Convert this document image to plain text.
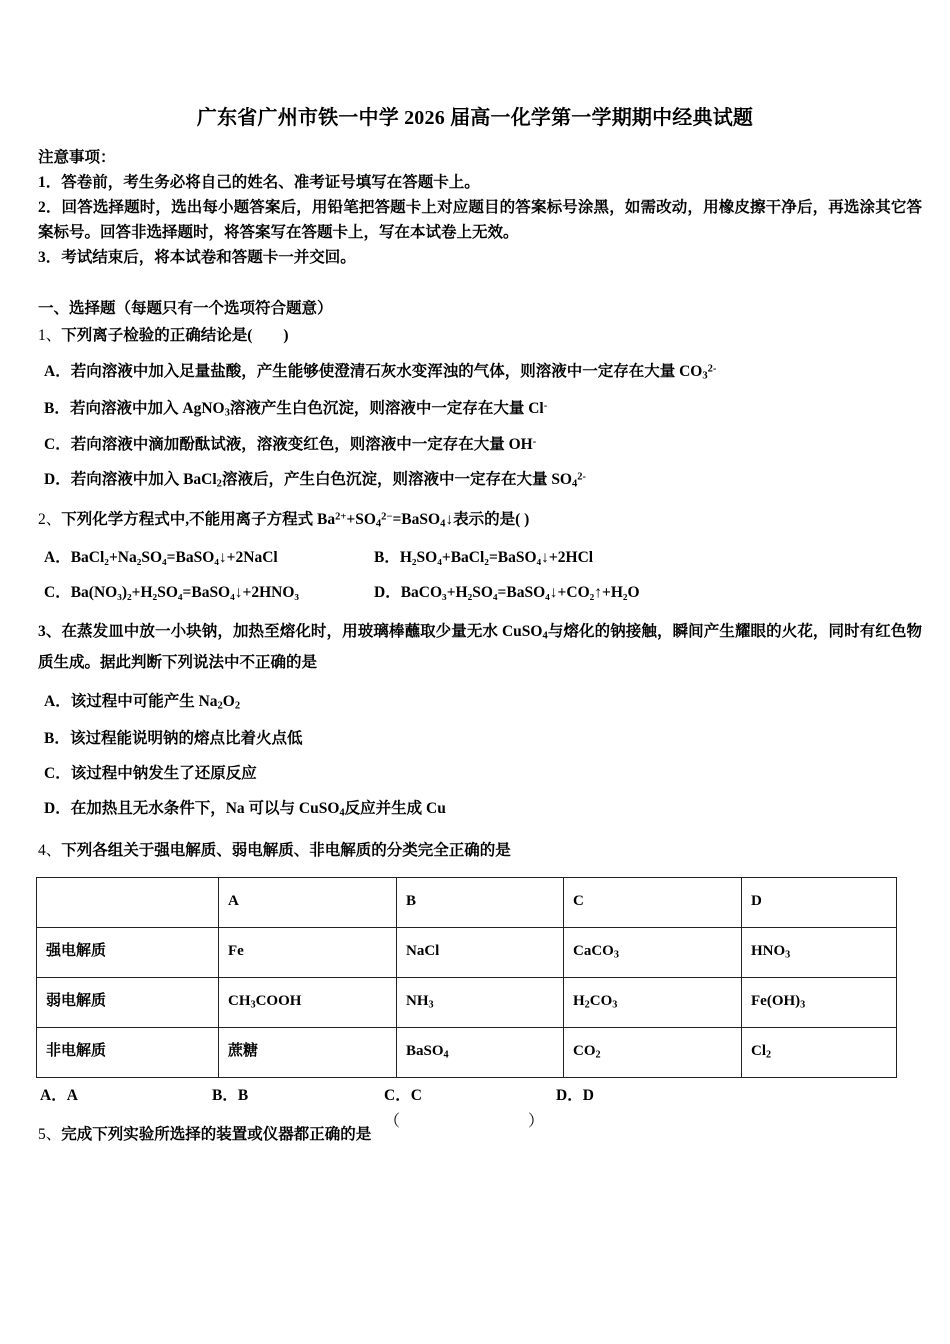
广东省广州市铁一中学 2026 届高一化学第一学期期中经典试题

注意事项：

1．答卷前，考生务必将自己的姓名、准考证号填写在答题卡上。

2．回答选择题时，选出每小题答案后，用铅笔把答题卡上对应题目的答案标号涂黑，如需改动，用橡皮擦干净后，再选涂其它答案标号。回答非选择题时，将答案写在答题卡上，写在本试卷上无效。

3．考试结束后，将本试卷和答题卡一并交回。

一、选择题（每题只有一个选项符合题意）

1、下列离子检验的正确结论是(　　)

A．若向溶液中加入足量盐酸，产生能够使澄清石灰水变浑浊的气体，则溶液中一定存在大量 $CO_3^{2-}$

B．若向溶液中加入 AgNO$_3$溶液产生白色沉淀，则溶液中一定存在大量 Cl-

C．若向溶液中滴加酚酞试液，溶液变红色，则溶液中一定存在大量 OH-

D．若向溶液中加入 BaCl$_2$溶液后，产生白色沉淀，则溶液中一定存在大量 $SO_4^{2-}$

2、下列化学方程式中,不能用离子方程式 $Ba^{2+}+SO_4^{2-}=BaSO_4↓$表示的是( )

A．BaCl₂+Na₂SO₄=BaSO₄↓+2NaCl	B．H₂SO₄+BaCl₂=BaSO₄↓+2HCl
C．Ba(NO₃)₂+H₂SO₄=BaSO₄↓+2HNO₃	D．BaCO₃+H₂SO₄=BaSO₄↓+CO₂↑+H₂O

3、在蒸发皿中放一小块钠，加热至熔化时，用玻璃棒蘸取少量无水 CuSO$_4$与熔化的钠接触，瞬间产生耀眼的火花，同时有红色物质生成。据此判断下列说法中不正确的是

A．该过程中可能产生 $Na_2O_2$

B．该过程能说明钠的熔点比着火点低

C．该过程中钠发生了还原反应

D．在加热且无水条件下，Na 可以与 CuSO$_4$反应并生成 Cu

4、下列各组关于强电解质、弱电解质、非电解质的分类完全正确的是

	A	B	C	D
强电解质	Fe	NaCl	CaCO$_3$	$HNO_3$
弱电解质	$CH_3COOH$	$NH_3$	$H_2CO_3$	$Fe(OH)_3$
非电解质	蔗糖	BaSO$_4$	$CO_2$	$Cl_2$
A．A	B．B	C．C	D．D
5、完成下列实验所选择的装置或仪器都正确的是
（　　　）
